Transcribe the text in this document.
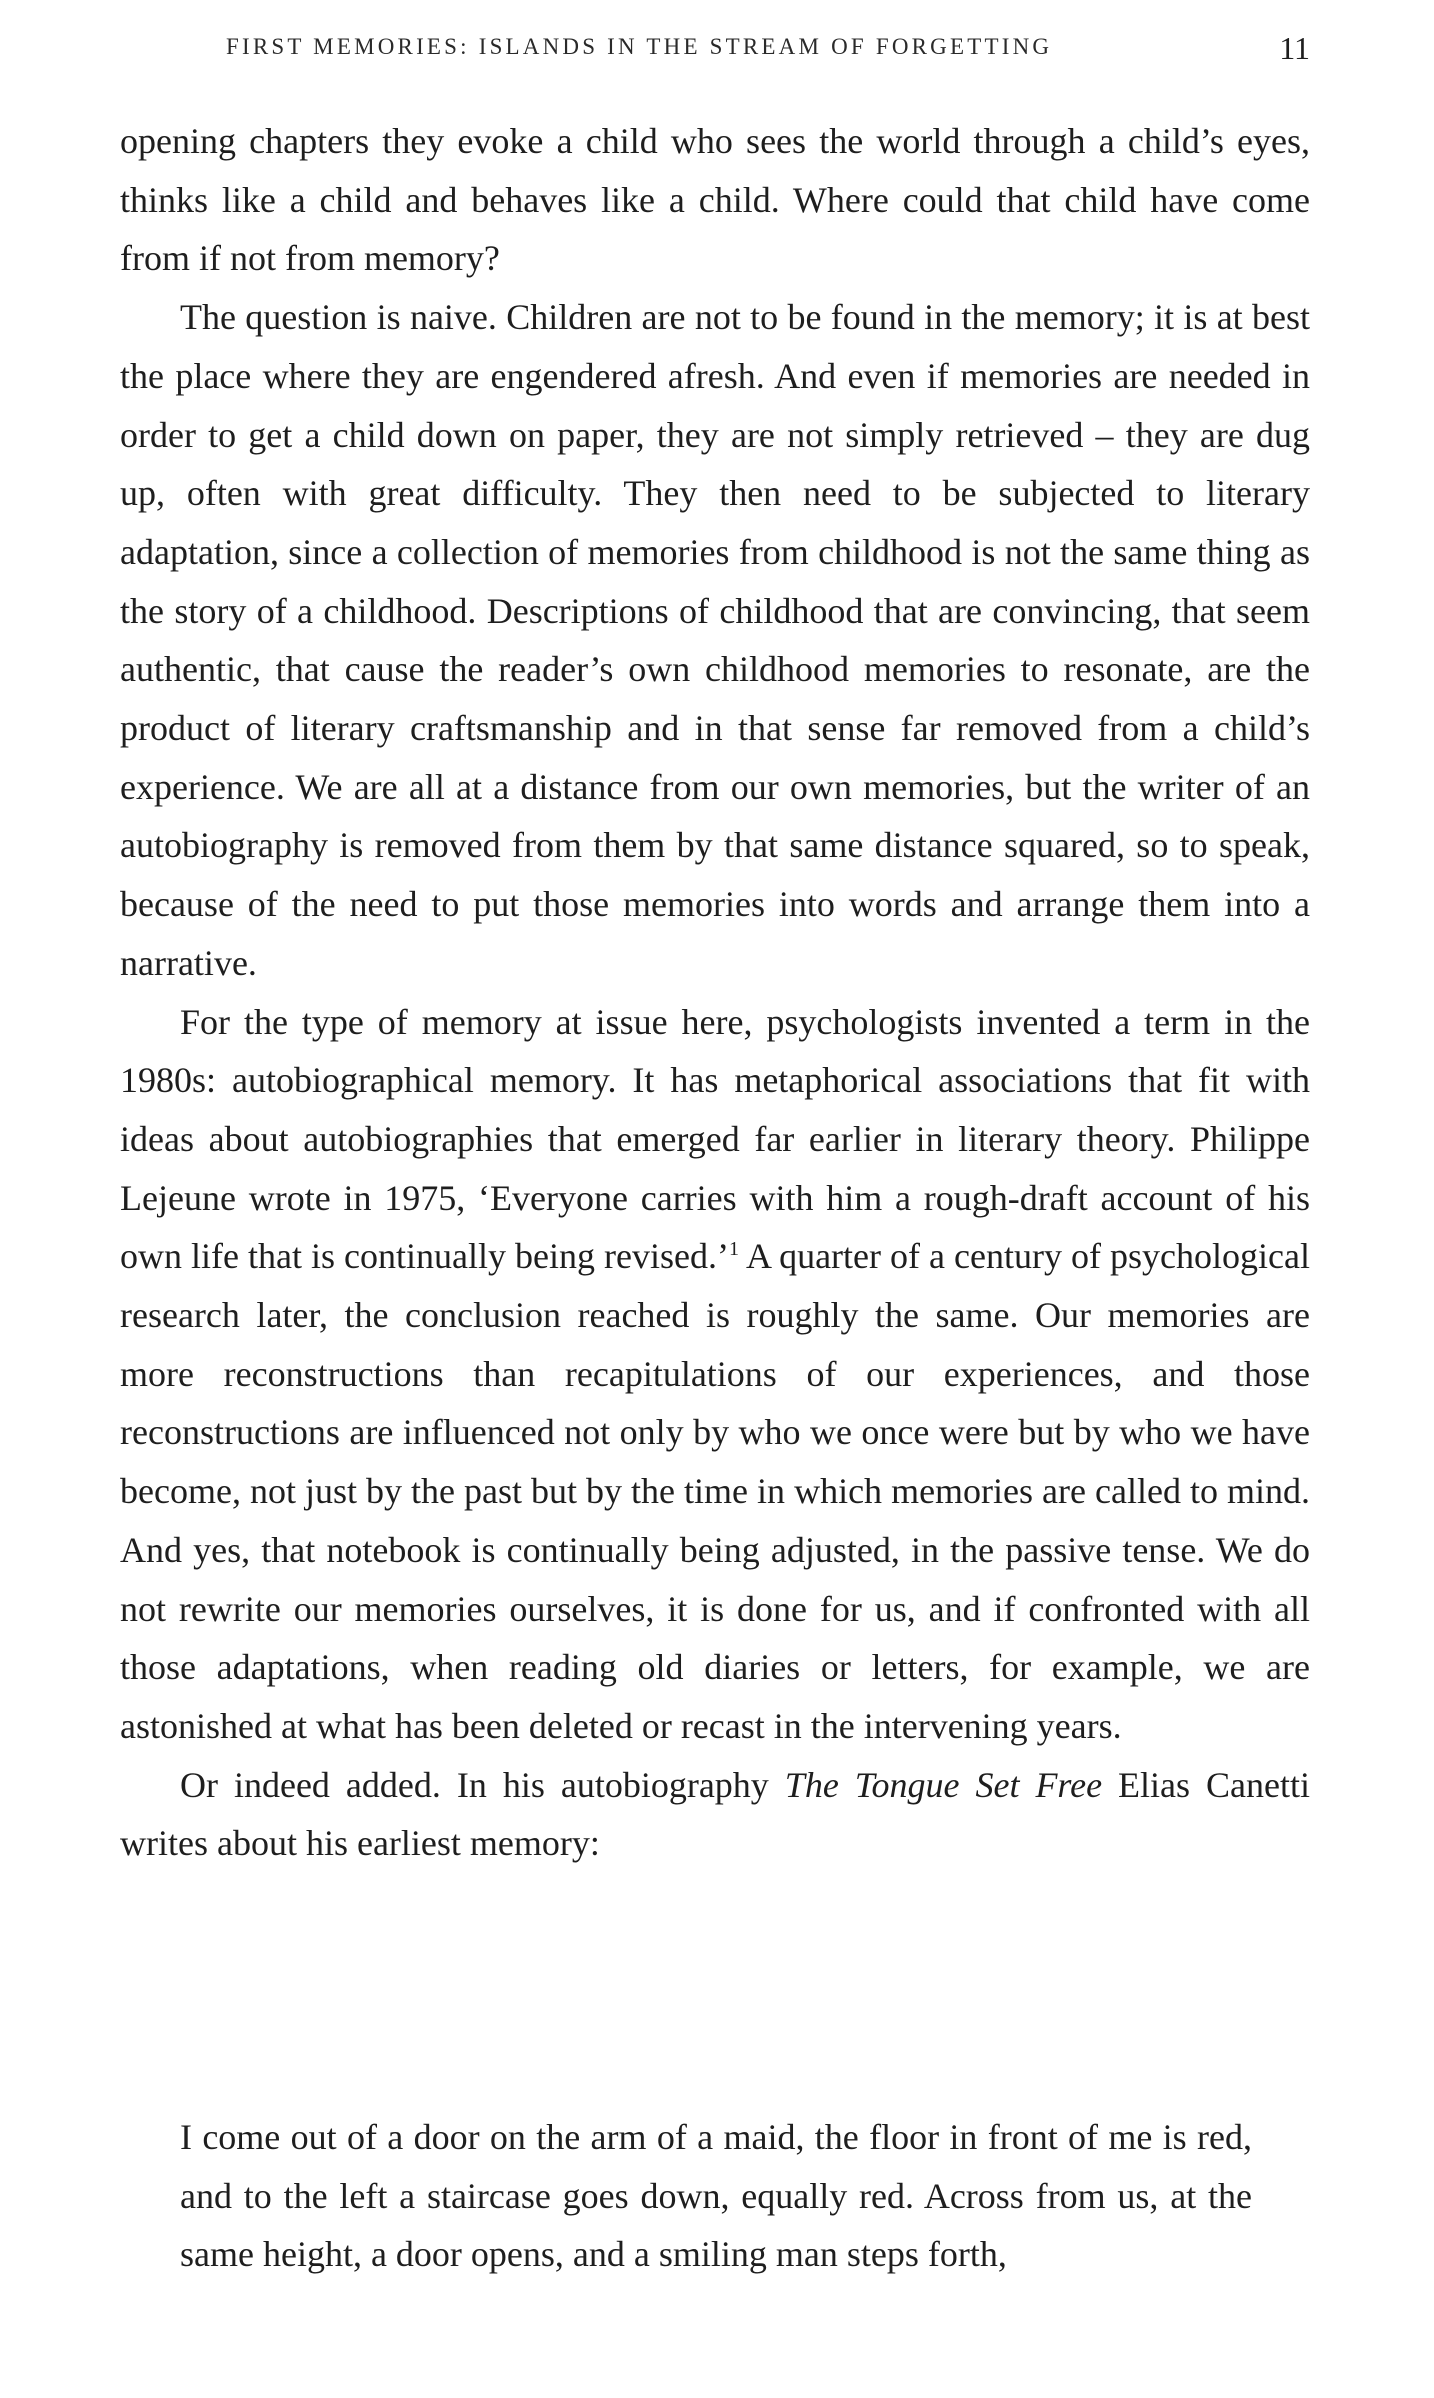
FIRST MEMORIES: ISLANDS IN THE STREAM OF FORGETTING	11

opening chapters they evoke a child who sees the world through a child’s eyes, thinks like a child and behaves like a child. Where could that child have come from if not from memory?

The question is naive. Children are not to be found in the memory; it is at best the place where they are engendered afresh. And even if memories are needed in order to get a child down on paper, they are not simply retrieved – they are dug up, often with great difficulty. They then need to be subjected to literary adaptation, since a collection of memories from childhood is not the same thing as the story of a childhood. Descriptions of childhood that are convincing, that seem authentic, that cause the reader’s own childhood memories to resonate, are the product of literary craftsmanship and in that sense far removed from a child’s experience. We are all at a distance from our own memories, but the writer of an autobiography is removed from them by that same distance squared, so to speak, because of the need to put those memories into words and arrange them into a narrative.

For the type of memory at issue here, psychologists invented a term in the 1980s: autobiographical memory. It has metaphorical associations that fit with ideas about autobiographies that emerged far earlier in literary theory. Philippe Lejeune wrote in 1975, ‘Everyone carries with him a rough-draft account of his own life that is continually being revised.’$^1$ A quarter of a century of psychological research later, the conclusion reached is roughly the same. Our memories are more reconstructions than recapitulations of our experiences, and those reconstructions are influenced not only by who we once were but by who we have become, not just by the past but by the time in which memories are called to mind. And yes, that notebook is continually being adjusted, in the passive tense. We do not rewrite our memories ourselves, it is done for us, and if confronted with all those adaptations, when reading old diaries or letters, for example, we are astonished at what has been deleted or recast in the intervening years.

Or indeed added. In his autobiography The Tongue Set Free Elias Canetti writes about his earliest memory:

I come out of a door on the arm of a maid, the floor in front of me is red, and to the left a staircase goes down, equally red. Across from us, at the same height, a door opens, and a smiling man steps forth,
